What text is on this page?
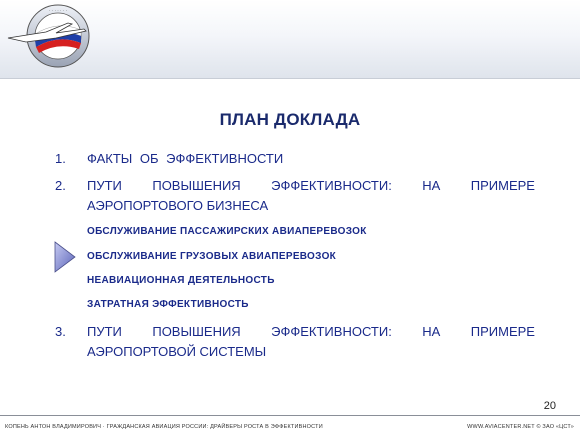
· · · · · · ·
ПЛАН ДОКЛАДА
1. ФАКТЫ ОБ ЭФФЕКТИВНОСТИ
2. ПУТИ ПОВЫШЕНИЯ ЭФФЕКТИВНОСТИ: НА ПРИМЕРЕ
АЭРОПОРТОВОГО БИЗНЕСА
ОБСЛУЖИВАНИЕ ПАССАЖИРСКИХ АВИАПЕРЕВОЗОК
ОБСЛУЖИВАНИЕ ГРУЗОВЫХ АВИАПЕРЕВОЗОК
НЕАВИАЦИОННАЯ ДЕЯТЕЛЬНОСТЬ
ЗАТРАТНАЯ ЭФФЕКТИВНОСТЬ
3. ПУТИ ПОВЫШЕНИЯ ЭФФЕКТИВНОСТИ: НА ПРИМЕРЕ
АЭРОПОРТОВОЙ СИСТЕМЫ
20
КОПЕНЬ АНТОН ВЛАДИМИРОВИЧ · ГРАЖДАНСКАЯ АВИАЦИЯ РОССИИ: ДРАЙВЕРЫ РОСТА В ЭФФЕКТИВНОСТИ	WWW.AVIACENTER.NET © ЗАО «ЦСТ»
